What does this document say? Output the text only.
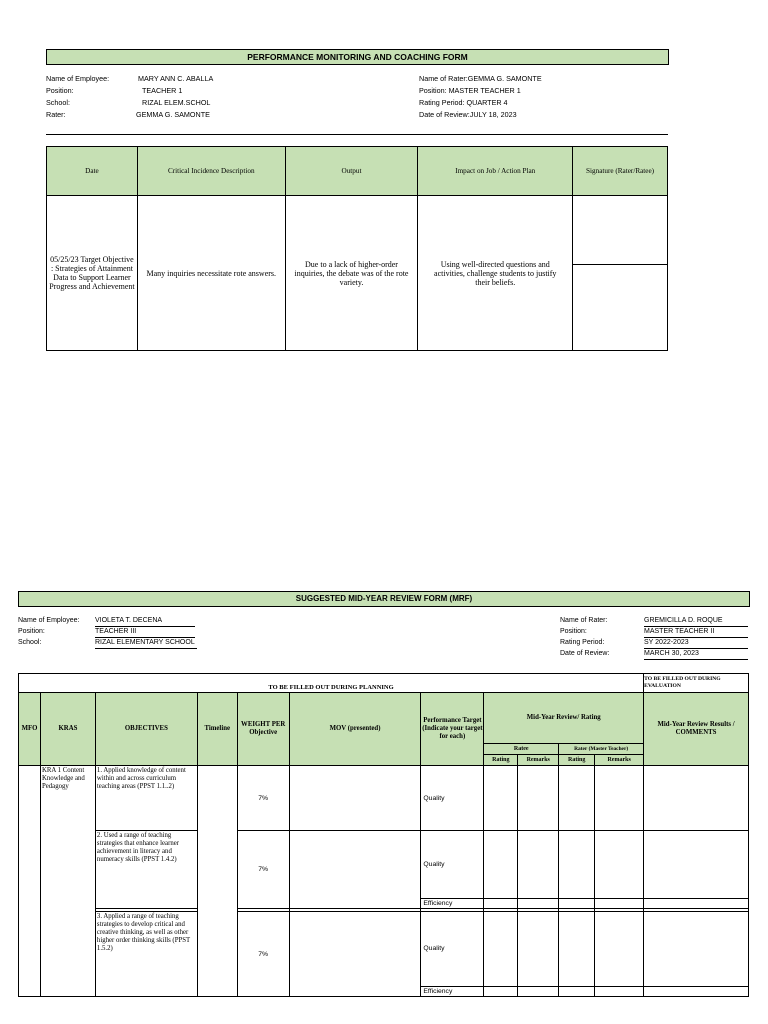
PERFORMANCE MONITORING AND COACHING FORM
Name of Employee:	MARY ANN C. ABALLA
Position:	TEACHER 1
School:	RIZAL ELEM.SCHOL
Rater:	GEMMA G. SAMONTE
Name of Rater:GEMMA G. SAMONTE
Position: MASTER TEACHER 1
Rating Period: QUARTER 4
Date of Review:JULY 18, 2023
Date	Critical Incidence Description	Output	Impact on Job / Action Plan	Signature (Rater/Ratee)
05/25/23 Target Objective : Strategies of Attainment Data to Support Learner Progress and Achievement	Many inquiries necessitate rote answers.	Due to a lack of higher-order inquiries, the debate was of the rote variety.	Using well-directed questions and activities, challenge students to justify their beliefs.	

SUGGESTED MID-YEAR REVIEW FORM (MRF)
Name of Employee: VIOLETA T. DECENA
Position:	TEACHER III
School:	RIZAL ELEMENTARY SCHOOL
Name of Rater:	GREMICILLA D. ROQUE
Position:	MASTER TEACHER II
Rating Period:	SY 2022-2023
Date of Review:	MARCH 30, 2023
TO BE FILLED OUT DURING PLANNING											TO BE FILLED OUT DURING EVALUATION
MFO	KRAS	OBJECTIVES	Timeline	WEIGHT PER Objective	MOV (presented)	Performance Target (Indicate your target for each)	Mid-Year Review/ Rating				Mid-Year Review Results / COMMENTS
							Ratee		Rater (Master Teacher)		
							Rating	Remarks	Rating	Remarks	
	KRA 1 Content Knowledge and Pedagogy	1. Applied knowledge of content within and across curriculum teaching areas (PPST 1.1..2)		7%		Quality					
		2. Used a range of teaching strategies that enhance learner achievement in literacy and numeracy skills (PPST 1.4.2)		7%		Quality					
						Efficiency					

		3. Applied a range of teaching strategies to develop critical and creative thinking, as well as other higher order thinking skills (PPST 1.5.2)		7%		Quality					
						Efficiency					
